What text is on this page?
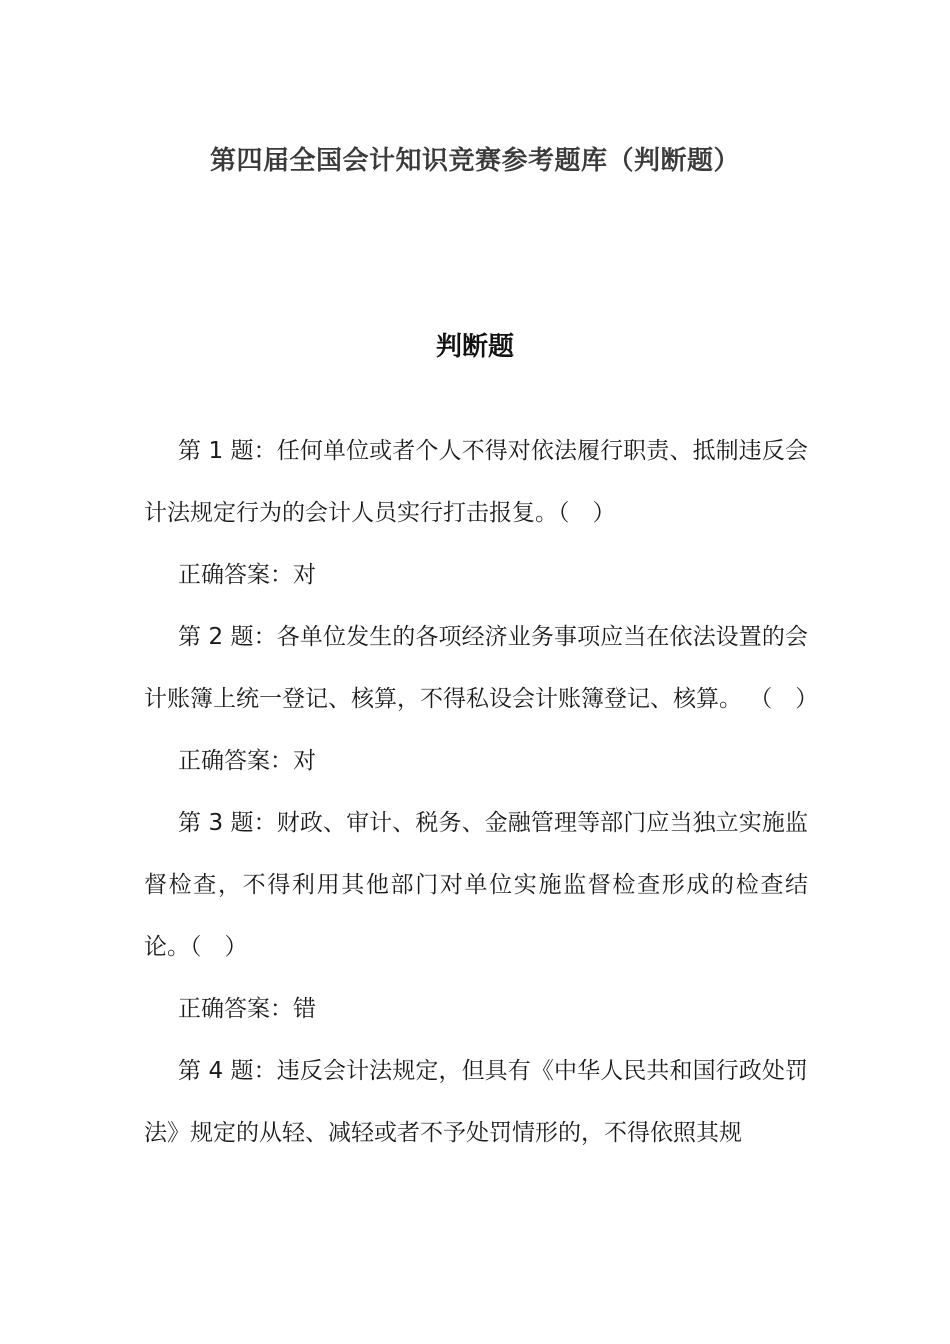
第四届全国会计知识竞赛参考题库（判断题）
判断题

第 1 题：任何单位或者个人不得对依法履行职责、抵制违反会计法规定行为的会计人员实行打击报复。（　）

正确答案：对

第 2 题：各单位发生的各项经济业务事项应当在依法设置的会计账簿上统一登记、核算，不得私设会计账簿登记、核算。 （　）

正确答案：对

第 3 题：财政、审计、税务、金融管理等部门应当独立实施监督检查，不得利用其他部门对单位实施监督检查形成的检查结论。（　）

正确答案：错

第 4 题：违反会计法规定，但具有《中华人民共和国行政处罚法》规定的从轻、减轻或者不予处罚情形的，不得依照其规
